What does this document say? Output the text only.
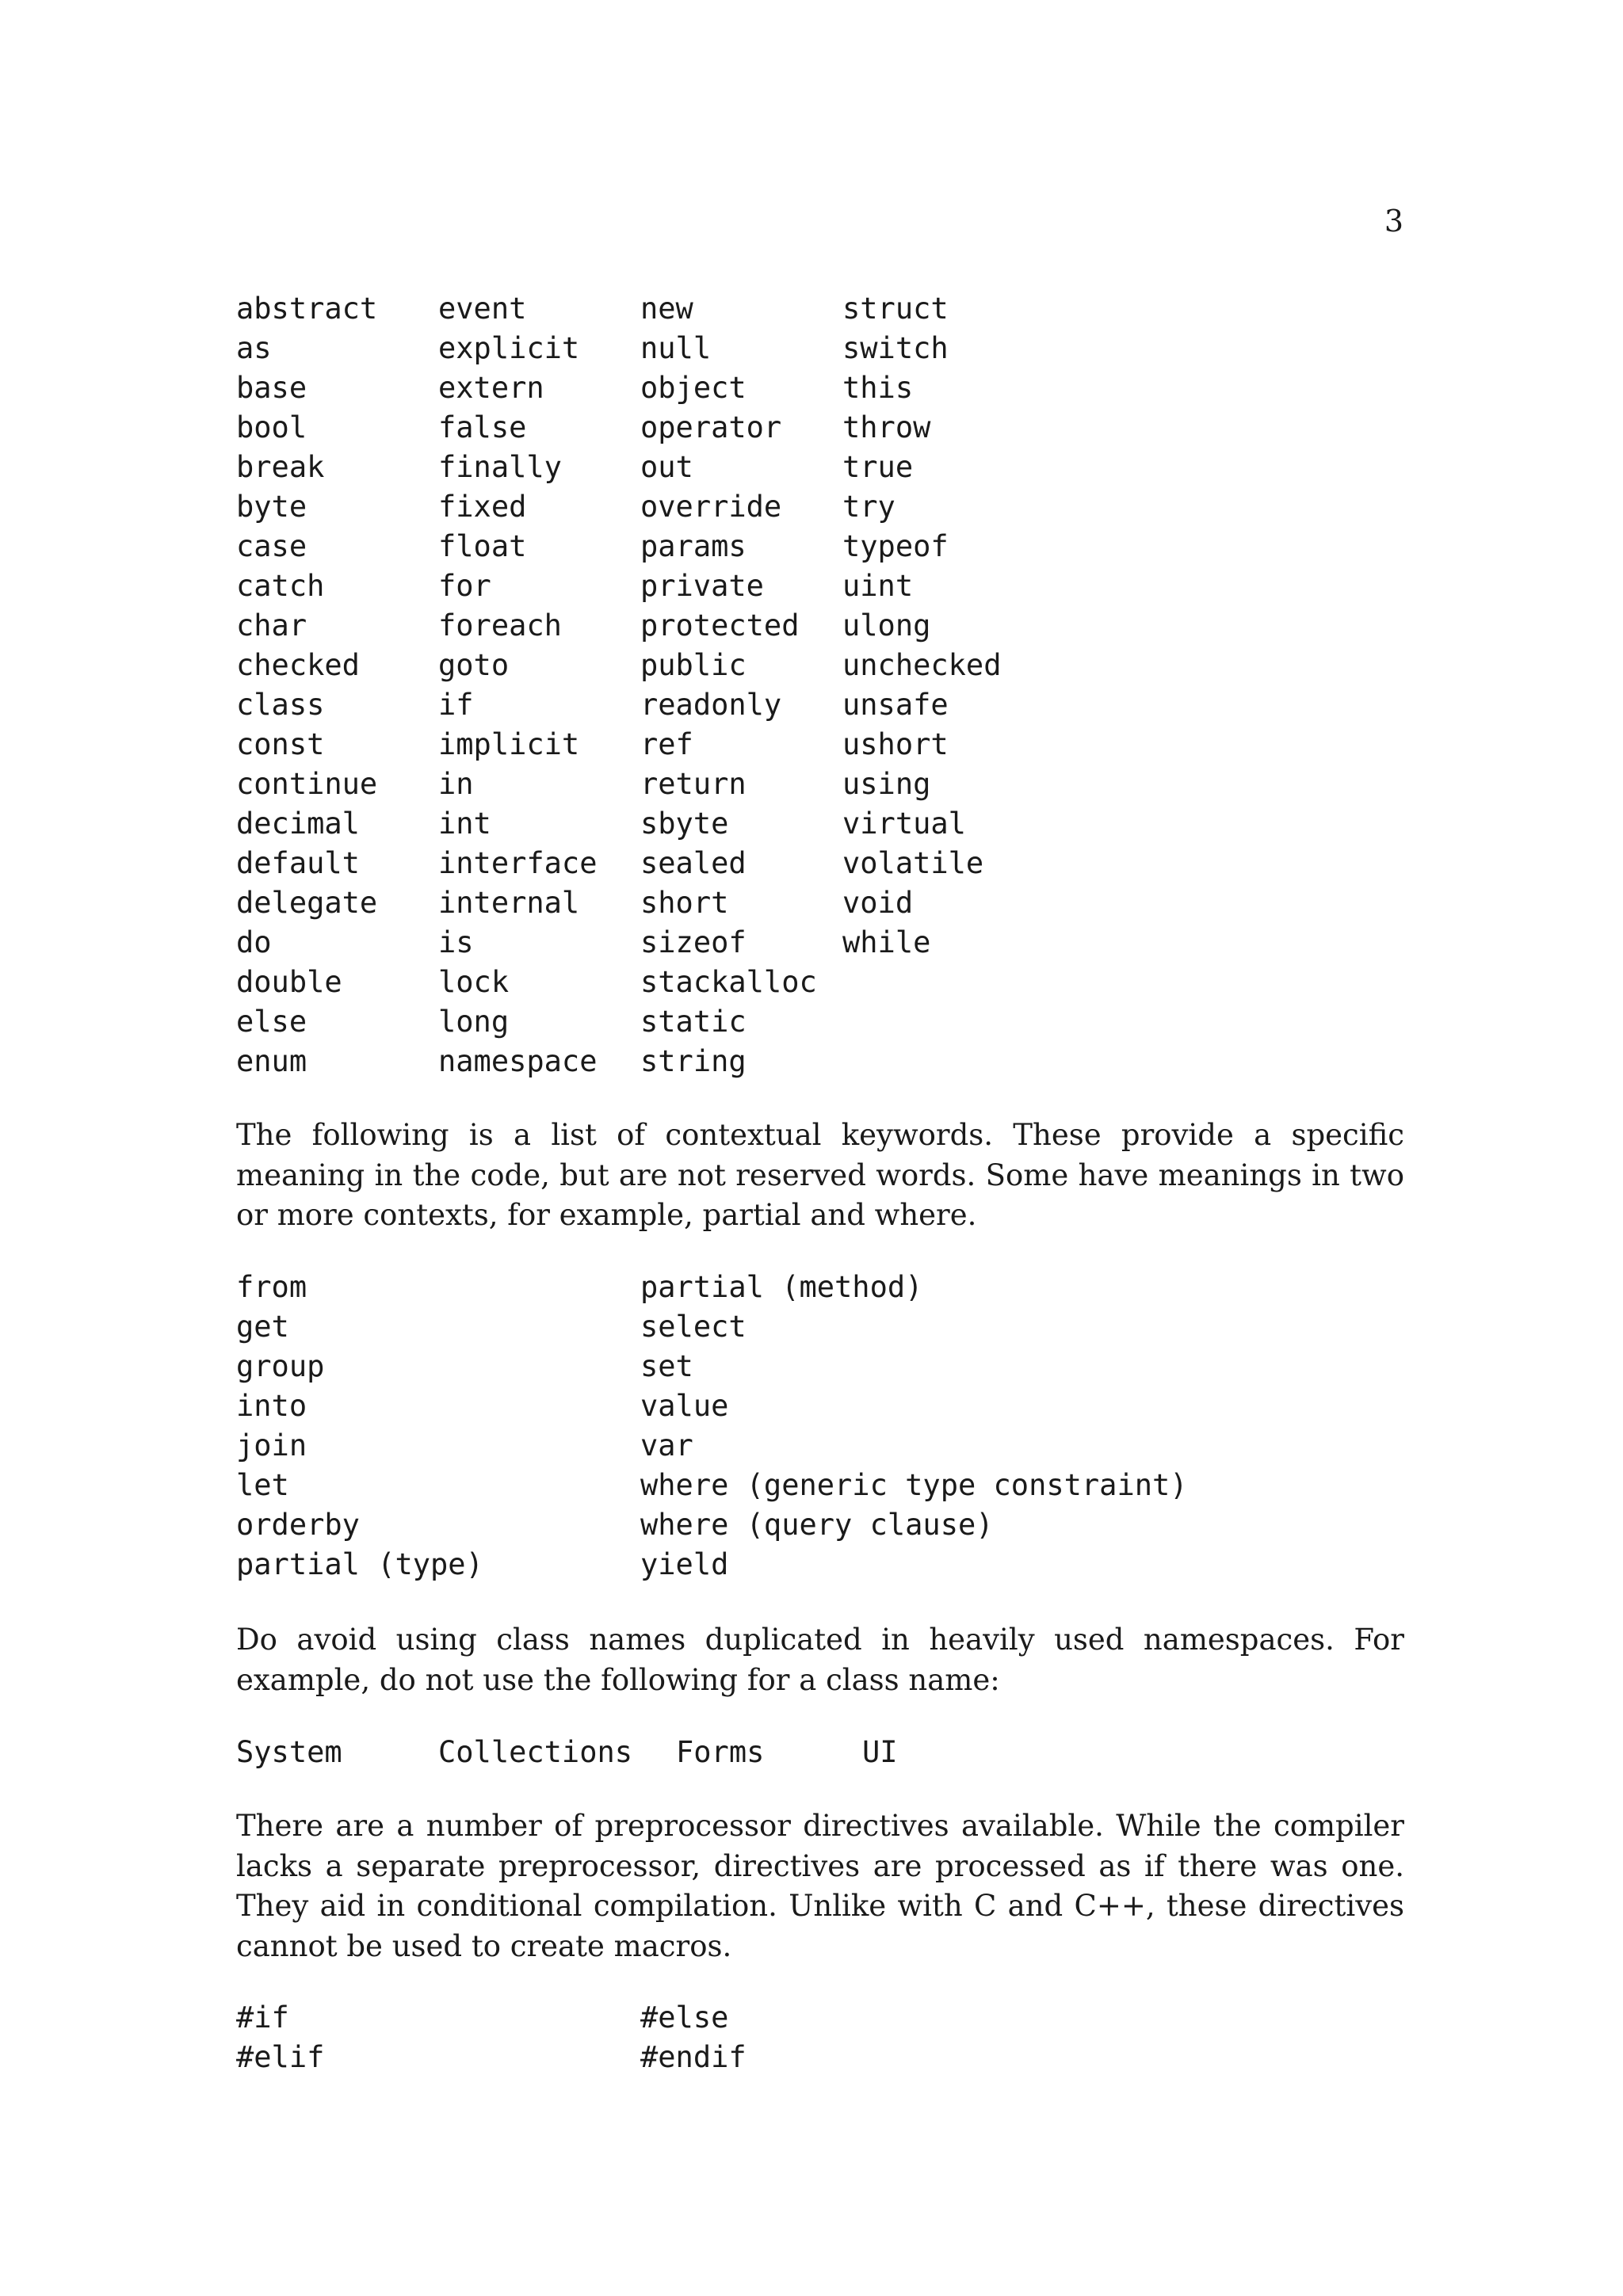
3

abstract	event	new	struct
as	explicit	null	switch
base	extern	object	this
bool	false	operator	throw
break	finally	out	true
byte	fixed	override	try
case	float	params	typeof
catch	for	private	uint
char	foreach	protected	ulong
checked	goto	public	unchecked
class	if	readonly	unsafe
const	implicit	ref	ushort
continue	in	return	using
decimal	int	sbyte	virtual
default	interface	sealed	volatile
delegate	internal	short	void
do	is	sizeof	while
double	lock	stackalloc
else	long	static
enum	namespace	string

The following is a list of contextual keywords. These provide a specific meaning in the code, but are not reserved words. Some have meanings in two or more contexts, for example, partial and where.

from	partial (method)
get	select
group	set
into	value
join	var
let	where (generic type constraint)
orderby	where (query clause)
partial (type)	yield

Do avoid using class names duplicated in heavily used namespaces. For example, do not use the following for a class name:

System	Collections	Forms	UI

There are a number of preprocessor directives available. While the compiler lacks a separate preprocessor, directives are processed as if there was one. They aid in conditional compilation. Unlike with C and C++, these directives cannot be used to create macros.

#if	#else
#elif	#endif
